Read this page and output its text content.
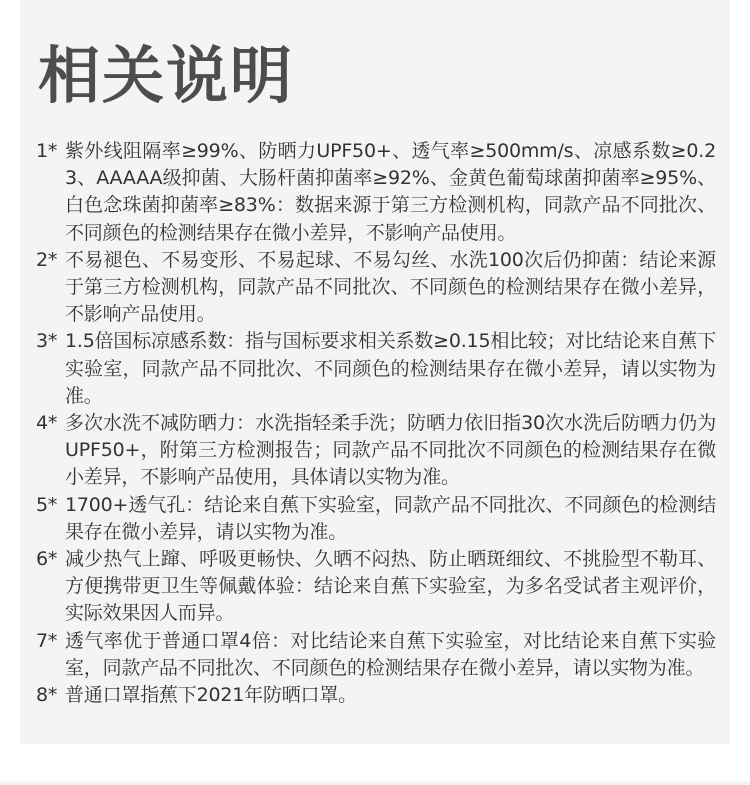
相关说明
1* 紫外线阻隔率≥99%、防晒力UPF50+、透气率≥500mm/s、凉感系数≥0.23、AAAAA级抑菌、大肠杆菌抑菌率≥92%、金黄色葡萄球菌抑菌率≥95%、白色念珠菌抑菌率≥83%：数据来源于第三方检测机构，同款产品不同批次、不同颜色的检测结果存在微小差异，不影响产品使用。
2* 不易褪色、不易变形、不易起球、不易勾丝、水洗100次后仍抑菌：结论来源于第三方检测机构，同款产品不同批次、不同颜色的检测结果存在微小差异，不影响产品使用。
3* 1.5倍国标凉感系数：指与国标要求相关系数≥0.15相比较；对比结论来自蕉下实验室，同款产品不同批次、不同颜色的检测结果存在微小差异，请以实物为准。
4* 多次水洗不减防晒力：水洗指轻柔手洗；防晒力依旧指30次水洗后防晒力仍为UPF50+，附第三方检测报告；同款产品不同批次不同颜色的检测结果存在微小差异，不影响产品使用，具体请以实物为准。
5* 1700+透气孔：结论来自蕉下实验室，同款产品不同批次、不同颜色的检测结果存在微小差异，请以实物为准。
6* 减少热气上蹿、呼吸更畅快、久晒不闷热、防止晒斑细纹、不挑脸型不勒耳、方便携带更卫生等佩戴体验：结论来自蕉下实验室，为多名受试者主观评价，实际效果因人而异。
7* 透气率优于普通口罩4倍：对比结论来自蕉下实验室，对比结论来自蕉下实验室，同款产品不同批次、不同颜色的检测结果存在微小差异，请以实物为准。
8* 普通口罩指蕉下2021年防晒口罩。
